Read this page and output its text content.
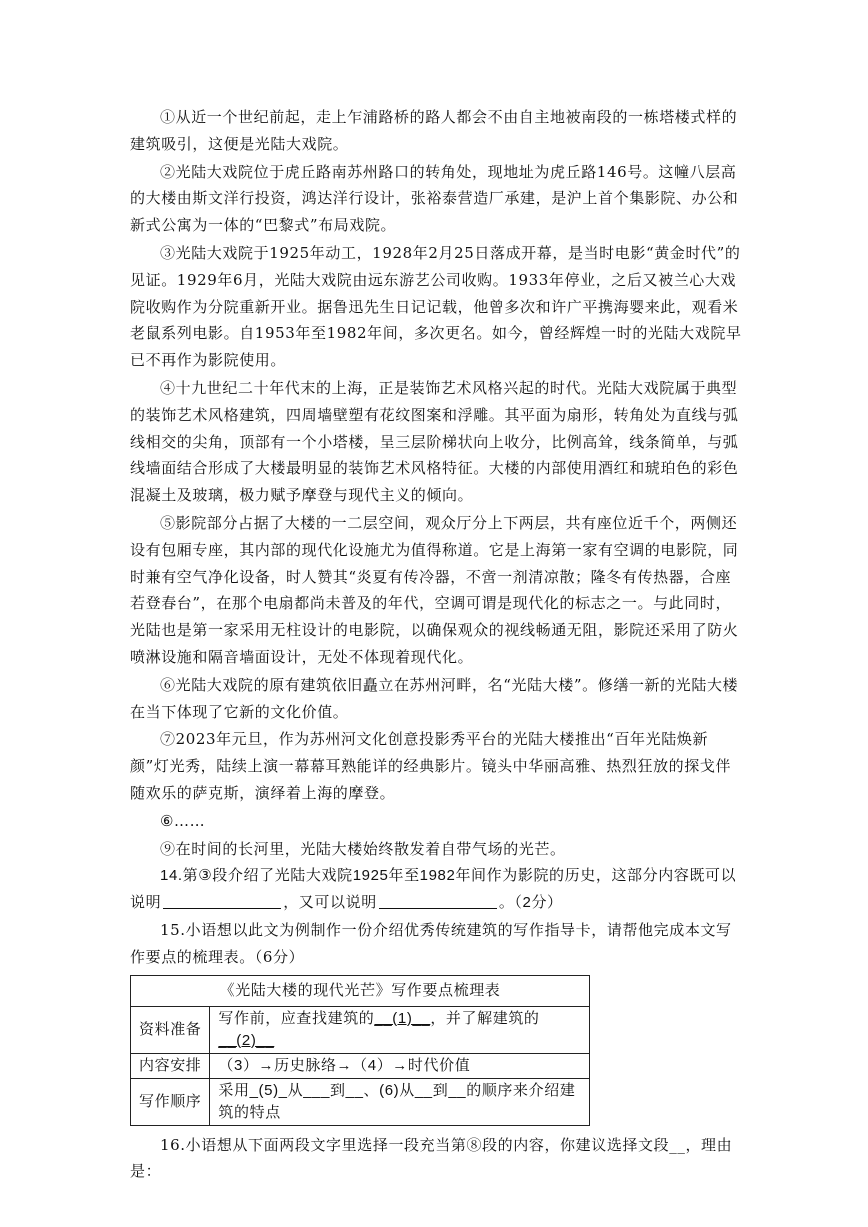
①从近一个世纪前起，走上乍浦路桥的路人都会不由自主地被南段的一栋塔楼式样的建筑吸引，这便是光陆大戏院。

②光陆大戏院位于虎丘路南苏州路口的转角处，现地址为虎丘路146号。这幢八层高的大楼由斯文洋行投资，鸿达洋行设计，张裕泰营造厂承建，是沪上首个集影院、办公和新式公寓为一体的“巴黎式”布局戏院。

③光陆大戏院于1925年动工，1928年2月25日落成开幕，是当时电影“黄金时代”的见证。1929年6月，光陆大戏院由远东游艺公司收购。1933年停业，之后又被兰心大戏院收购作为分院重新开业。据鲁迅先生日记记载，他曾多次和许广平携海婴来此，观看米老鼠系列电影。自1953年至1982年间，多次更名。如今，曾经辉煌一时的光陆大戏院早已不再作为影院使用。

④十九世纪二十年代末的上海，正是装饰艺术风格兴起的时代。光陆大戏院属于典型的装饰艺术风格建筑，四周墙壁塑有花纹图案和浮雕。其平面为扇形，转角处为直线与弧线相交的尖角，顶部有一个小塔楼，呈三层阶梯状向上收分，比例高耸，线条简单，与弧线墙面结合形成了大楼最明显的装饰艺术风格特征。大楼的内部使用酒红和琥珀色的彩色混凝土及玻璃，极力赋予摩登与现代主义的倾向。

⑤影院部分占据了大楼的一二层空间，观众厅分上下两层，共有座位近千个，两侧还设有包厢专座，其内部的现代化设施尤为值得称道。它是上海第一家有空调的电影院，同时兼有空气净化设备，时人赞其“炎夏有传冷器，不啻一剂清凉散；隆冬有传热器，合座若登春台”，在那个电扇都尚未普及的年代，空调可谓是现代化的标志之一。与此同时，光陆也是第一家采用无柱设计的电影院，以确保观众的视线畅通无阻，影院还采用了防火喷淋设施和隔音墙面设计，无处不体现着现代化。

⑥光陆大戏院的原有建筑依旧矗立在苏州河畔，名“光陆大楼”。修缮一新的光陆大楼在当下体现了它新的文化价值。

⑦2023年元旦，作为苏州河文化创意投影秀平台的光陆大楼推出“百年光陆焕新颜”灯光秀，陆续上演一幕幕耳熟能详的经典影片。镜头中华丽高雅、热烈狂放的探戈伴随欢乐的萨克斯，演绎着上海的摩登。

⑥……

⑨在时间的长河里，光陆大楼始终散发着自带气场的光芒。

14.第③段介绍了光陆大戏院1925年至1982年间作为影院的历史，这部分内容既可以说明	，又可以说明	。（2分）

15.小语想以此文为例制作一份介绍优秀传统建筑的写作指导卡，请帮他完成本文写作要点的梳理表。（6分）

《光陆大楼的现代光芒》写作要点梳理表	
资料准备	写作前，应查找建筑的__(1)__，并了解建筑的__(2)__
内容安排	（3）→历史脉络→（4）→时代价值
写作顺序	采用_(5)_从___到__、(6)从__到__的顺序来介绍建筑的特点

16.小语想从下面两段文字里选择一段充当第⑧段的内容，你建议选择文段__，理由是：
